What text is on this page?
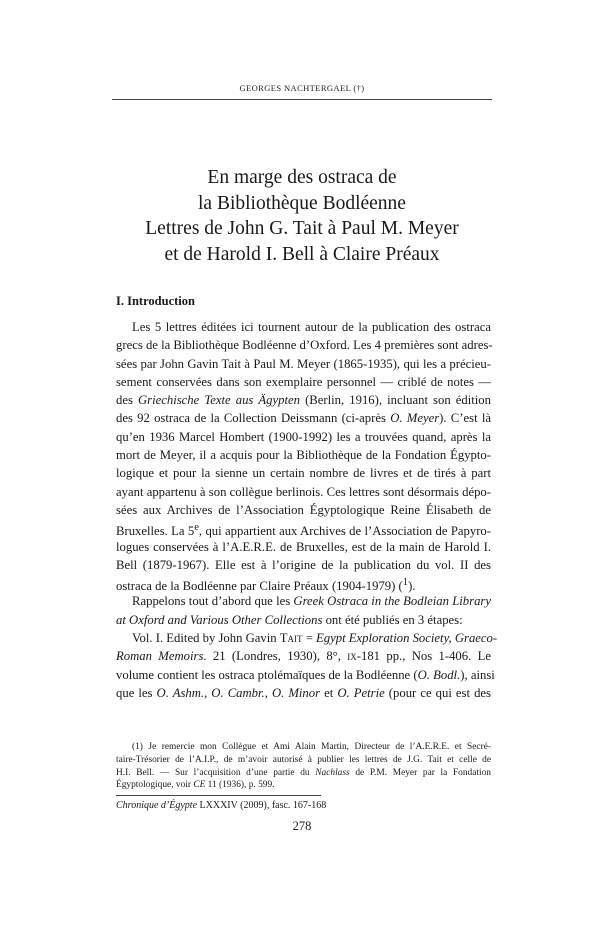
GEORGES NACHTERGAEL (†)
En marge des ostraca de
la Bibliothèque Bodléenne
Lettres de John G. Tait à Paul M. Meyer
et de Harold I. Bell à Claire Préaux
I. Introduction
Les 5 lettres éditées ici tournent autour de la publication des ostraca
grecs de la Bibliothèque Bodléenne d’Oxford. Les 4 premières sont adres-
sées par John Gavin Tait à Paul M. Meyer (1865-1935), qui les a précieu-
sement conservées dans son exemplaire personnel — criblé de notes —
des Griechische Texte aus Ägypten (Berlin, 1916), incluant son édition
des 92 ostraca de la Collection Deissmann (ci-après O. Meyer). C’est là
qu’en 1936 Marcel Hombert (1900-1992) les a trouvées quand, après la
mort de Meyer, il a acquis pour la Bibliothèque de la Fondation Égypto-
logique et pour la sienne un certain nombre de livres et de tirés à part
ayant appartenu à son collègue berlinois. Ces lettres sont désormais dépo-
sées aux Archives de l’Association Égyptologique Reine Élisabeth de
Bruxelles. La 5e, qui appartient aux Archives de l’Association de Papyro-
logues conservées à l’A.E.R.E. de Bruxelles, est de la main de Harold I.
Bell (1879-1967). Elle est à l’origine de la publication du vol. II des
ostraca de la Bodléenne par Claire Préaux (1904-1979) ($^1$).
Rappelons tout d’abord que les Greek Ostraca in the Bodleian Library
at Oxford and Various Other Collections ont été publiés en 3 étapes:
Vol. I. Edited by John Gavin Tait = Egypt Exploration Society, Graeco-
Roman Memoirs. 21 (Londres, 1930), 8°, ix-181 pp., Nos 1-406. Le
volume contient les ostraca ptolémaïques de la Bodléenne (O. Bodl.), ainsi
que les O. Ashm., O. Cambr., O. Minor et O. Petrie (pour ce qui est des
(1) Je remercie mon Collègue et Ami Alain Martin, Directeur de l’A.E.R.E. et Secré-
taire-Trésorier de l’A.I.P., de m’avoir autorisé à publier les lettres de J.G. Tait et celle de
H.I. Bell. — Sur l’acquisition d’une partie du Nachlass de P.M. Meyer par la Fondation
Égyptologique, voir CE 11 (1936), p. 599.
Chronique d’Égypte LXXXIV (2009), fasc. 167-168
278
